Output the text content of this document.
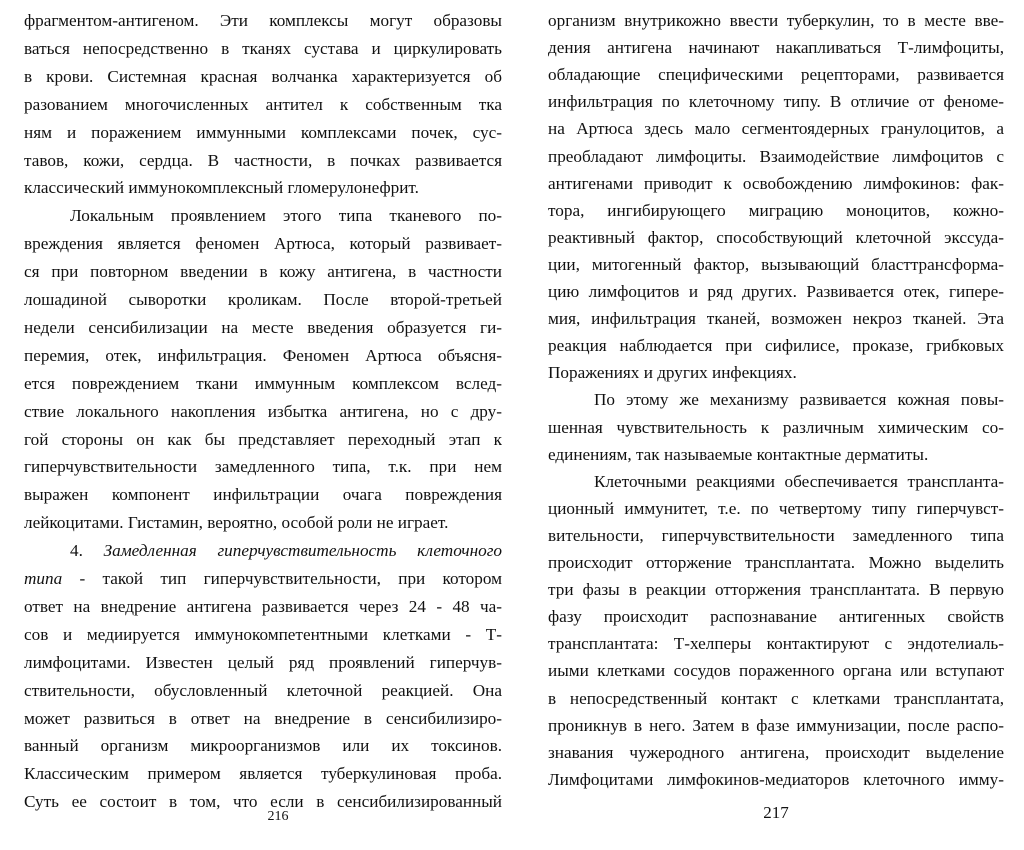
фрагментом-антигеном. Эти комплексы могут образовы
ваться непосредственно в тканях сустава и циркулировать
в крови. Системная красная волчанка характеризуется об
разованием многочисленных антител к собственным тка
ням и поражением иммунными комплексами почек, сус-
тавов, кожи, сердца. В частности, в почках развивается
классический иммунокомплексный гломерулонефрит.
Локальным проявлением этого типа тканевого по-
вреждения является феномен Артюса, который развивает-
ся при повторном введении в кожу антигена, в частности
лошадиной сыворотки кроликам. После второй-третьей
недели сенсибилизации на месте введения образуется ги-
перемия, отек, инфильтрация. Феномен Артюса объясня-
ется повреждением ткани иммунным комплексом вслед-
ствие локального накопления избытка антигена, но с дру-
гой стороны он как бы представляет переходный этап к
гиперчувствительности замедленного типа, т.к. при нем
выражен компонент инфильтрации очага повреждения
лейкоцитами. Гистамин, вероятно, особой роли не играет.
4. Замедленная гиперчувствительность клеточного
типа - такой тип гиперчувствительности, при котором
ответ на внедрение антигена развивается через 24 - 48 ча-
сов и медиируется иммунокомпетентными клетками - Т-
лимфоцитами. Известен целый ряд проявлений гиперчув-
ствительности, обусловленный клеточной реакцией. Она
может развиться в ответ на внедрение в сенсибилизиро-
ванный организм микроорганизмов или их токсинов.
Классическим примером является туберкулиновая проба.
Суть ее состоит в том, что если в сенсибилизированный
216
организм внутрикожно ввести туберкулин, то в месте вве-
дения антигена начинают накапливаться Т-лимфоциты,
обладающие специфическими рецепторами, развивается
инфильтрация по клеточному типу. В отличие от феноме-
на Артюса здесь мало сегментоядерных гранулоцитов, а
преобладают лимфоциты. Взаимодействие лимфоцитов с
антигенами приводит к освобождению лимфокинов: фак-
тора, ингибирующего миграцию моноцитов, кожно-
реактивный фактор, способствующий клеточной экссуда-
ции, митогенный фактор, вызывающий бласттрансформа-
цию лимфоцитов и ряд других. Развивается отек, гипере-
мия, инфильтрация тканей, возможен некроз тканей. Эта
реакция наблюдается при сифилисе, проказе, грибковых
Поражениях и других инфекциях.
По этому же механизму развивается кожная повы-
шенная чувствительность к различным химическим со-
единениям, так называемые контактные дерматиты.
Клеточными реакциями обеспечивается транспланта-
ционный иммунитет, т.е. по четвертому типу гиперчувст-
вительности, гиперчувствительности замедленного типа
происходит отторжение трансплантата. Можно выделить
три фазы в реакции отторжения трансплантата. В первую
фазу происходит распознавание антигенных свойств
трансплантата: Т-хелперы контактируют с эндотелиаль-
иыми клетками сосудов пораженного органа или вступают
в непосредственный контакт с клетками трансплантата,
проникнув в него. Затем в фазе иммунизации, после распо-
знавания чужеродного антигена, происходит выделение
Лимфоцитами лимфокинов-медиаторов клеточного имму-
217
